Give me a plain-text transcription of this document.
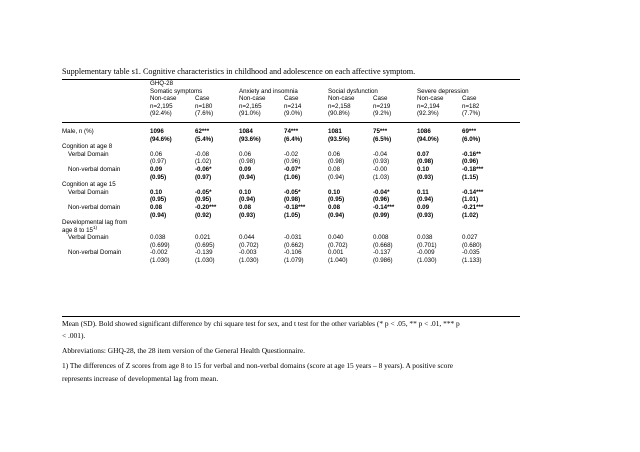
Supplementary table s1. Cognitive characteristics in childhood and adolescence on each affective symptom.
	GHQ-28							
	Somatic symptoms		Anxiety and insomnia		Social dysfunction		Severe depression	
	Non-case	Case	Non-case	Case	Non-case	Case	Non-case	Case
	n=2,195	n=180	n=2,165	n=214	n=2,158	n=219	n=2,194	n=182
	(92.4%)	(7.6%)	(91.0%)	(9.0%)	(90.8%)	(9.2%)	(92.3%)	(7.7%)

Male, n (%)	1096	62***	1084	74***	1081	75***	1086	69***
	(94.6%)	(5.4%)	(93.6%)	(6.4%)	(93.5%)	(6.5%)	(94.0%)	(6.0%)
Cognition at age 8								
Verbal Domain	0.06	-0.08	0.06	-0.02	0.06	-0.04	0.07	-0.16**
	(0.97)	(1.02)	(0.98)	(0.96)	(0.98)	(0.93)	(0.98)	(0.96)
Non-verbal domain	0.09	-0.06*	0.09	-0.07*	0.08	-0.00	0.10	-0.18***
	(0.95)	(0.97)	(0.94)	(1.06)	(0.94)	(1.03)	(0.93)	(1.15)
Cognition at age 15								
Verbal Domain	0.10	-0.05*	0.10	-0.05*	0.10	-0.04*	0.11	-0.14***
	(0.95)	(0.95)	(0.94)	(0.98)	(0.95)	(0.96)	(0.94)	(1.01)
Non-verbal domain	0.08	-0.20***	0.08	-0.18***	0.08	-0.14***	0.09	-0.21***
	(0.94)	(0.92)	(0.93)	(1.05)	(0.94)	(0.99)	(0.93)	(1.02)
Developmental lag from								
age 8 to 15$^{1)}$
Verbal Domain	0.038	0.021	0.044	-0.031	0.040	0.008	0.038	0.027
	(0.699)	(0.695)	(0.702)	(0.662)	(0.702)	(0.668)	(0.701)	(0.680)
Non-verbal Domain	-0.002	-0.139	-0.003	-0.106	0.001	-0.137	-0.009	-0.035
	(1.030)	(1.030)	(1.030)	(1.079)	(1.040)	(0.986)	(1.030)	(1.133)
Mean (SD). Bold showed significant difference by chi square test for sex, and t test for the other variables (* p < .05, ** p < .01, *** p
< .001).
Abbreviations: GHQ-28, the 28 item version of the General Health Questionnaire.
1) The differences of Z scores from age 8 to 15 for verbal and non-verbal domains (score at age 15 years – 8 years). A positive score
represents increase of developmental lag from mean.
